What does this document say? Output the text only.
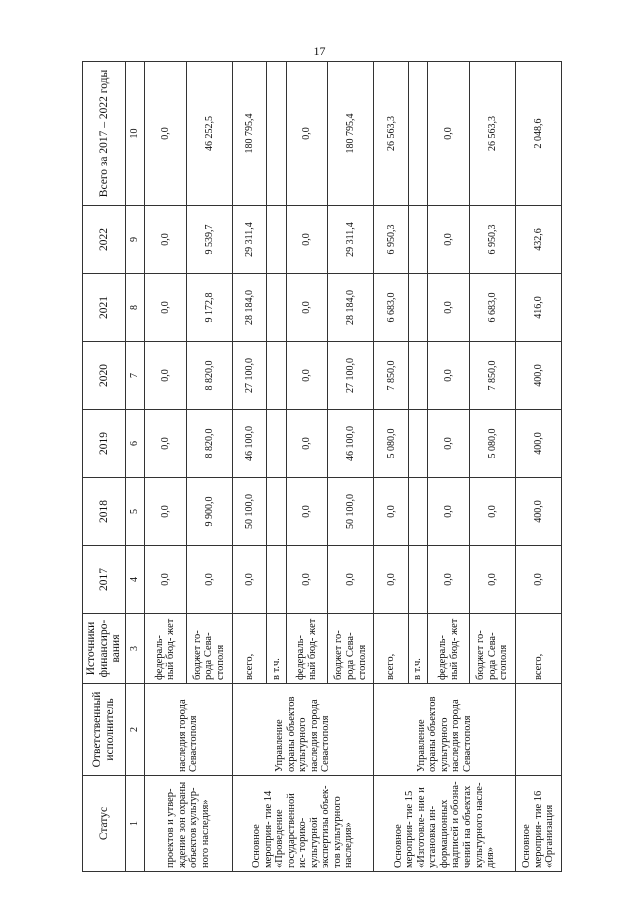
17
Статус	Ответственный исполнитель	Источники финансиро- вания	2017	2018	2019	2020	2021	2022	Всего за 2017 – 2022 годы
1	2	3	4	5	6	7	8	9	10
проектов и утвер- ждение зон охраны объектов культур- ного наследия»	наследия города Севастополя	федераль- ный бюд- жет	0,0	0,0	0,0	0,0	0,0	0,0	0,0
		бюджет го- рода Сева- стополя	0,0	9 900,0	8 820,0	8 820,0	9 172,8	9 539,7	46 252,5
Основное мероприя- тие 14 «Проведение государственной ис- торико-культурной экспертизы объек- тов культурного наследия»	Управление охраны объектов культурного наследия города Севастополя	всего,	0,0	50 100,0	46 100,0	27 100,0	28 184,0	29 311,4	180 795,4
		в т.ч.							
		федераль- ный бюд- жет	0,0	0,0	0,0	0,0	0,0	0,0	0,0
		бюджет го- рода Сева- стополя	0,0	50 100,0	46 100,0	27 100,0	28 184,0	29 311,4	180 795,4
Основное мероприя- тие 15 «Изготовле- ние и установка ин- формационных надписей и обозна- чений на объектах культурного насле- дия»	Управление охраны объектов культурного наследия города Севастополя	всего,	0,0	0,0	5 080,0	7 850,0	6 683,0	6 950,3	26 563,3
		в т.ч.							
		федераль- ный бюд- жет	0,0	0,0	0,0	0,0	0,0	0,0	0,0
		бюджет го- рода Сева- стополя	0,0	0,0	5 080,0	7 850,0	6 683,0	6 950,3	26 563,3
Основное мероприя- тие 16 «Организация		всего,	0,0	400,0	400,0	400,0	416,0	432,6	2 048,6
